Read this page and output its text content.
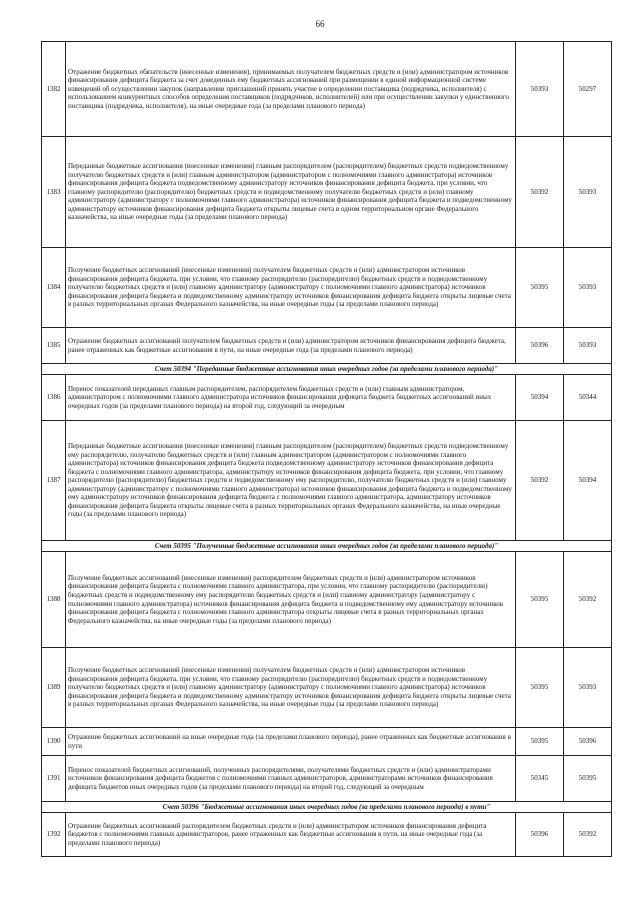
66
1382	Отражение бюджетных обязательств (внесенные изменения), принимаемых получателем бюджетных средств и (или) администратором источников финансирования дефицита бюджета за счет доведенных ему бюджетных ассигнований при размещении в единой информационной системе извещений об осуществлении закупок (направлении приглашений принять участие в определении поставщика (подрядчика, исполнителя) с использованием конкурентных способов определения поставщиков (подрядчиков, исполнителей) или при осуществлении закупки у единственного поставщика (подрядчика, исполнителя), на иные очередные года (за пределами планового периода)	50393	50297
1383	Переданные бюджетные ассигнования (внесенные изменения) главным распорядителем (распорядителем) бюджетных средств подведомственному получателю бюджетных средств и (или) главным администратором (администратором с полномочиями главного администратора) источников финансирования дефицита бюджета подведомственному администратору источников финансирования дефицита бюджета, при условии, что главному распорядителю (распорядителю) бюджетных средств и подведомственному получателю бюджетных средств и (или) главному администратору (администратору с полномочиями главного администратора) источников финансирования дефицита бюджета и подведомственному администратору источников финансирования дефицита бюджета открыты лицевые счета в одном территориальном органе Федерального казначейства, на иные очередные годы (за пределами планового периода)	50392	50393
1384	Получение бюджетных ассигнований (внесенные изменения) получателем бюджетных средств и (или) администратором источников финансирования дефицита бюджета, при условии, что главному распорядителю (распорядителю) бюджетных средств и подведомственному получателю бюджетных средств и (или) главному администратору (администратору с полномочиями главного администратора) источников финансирования дефицита бюджета и подведомственному администратору источников финансирования дефицита бюджета открыты лицевые счета в разных территориальных органах Федерального казначейства, на иные очередные годы (за пределами планового периода)	50395	50393
1385	Отражение бюджетных ассигнований получателем бюджетных средств и (или) администратором источников финансирования дефицита бюджета, ранее отраженных как бюджетные ассигнования в пути, на иные очередные года (за пределами планового периода)	50396	50393
Счет 50394 "Переданные бюджетные ассигнования иных очередных годов (за пределами планового периода)"			
1386	Перенос показателей переданных главным распорядителем, распорядителем бюджетных средств и (или) главным администратором, администратором с полномочиями главного администратора источников финансирования дефицита бюджета бюджетных ассигнований иных очередных годов (за пределами планового периода) на второй год, следующий за очередным	50394	50344
1387	Переданные бюджетные ассигнования (внесенные изменения) главным распорядителем (распорядителем) бюджетных средств подведомственному ему распорядителю, получателю бюджетных средств и (или) главным администратором (администратором с полномочиями главного администратора) источников финансирования дефицита бюджета подведомственному администратору источников финансирования дефицита бюджета с полномочиями главного администратора, администратору источников финансирования дефицита бюджета, при условии, что главному распорядителю (распорядителю) бюджетных средств и подведомственному ему распорядителю, получателю бюджетных средств и (или) главному администратору (администратору с полномочиями главного администратора) источников финансирования дефицита бюджета и подведомственному ему администратору источников финансирования дефицита бюджета с полномочиями главного администратора, администратору источников финансирования дефицита бюджета открыты лицевые счета в разных территориальных органах Федерального казначейства, на иные очередные годы (за пределами планового периода)	50392	50394
Счет 50395 "Полученные бюджетные ассигнования иных очередных годов (за пределами планового периода)"			
1388	Получение бюджетных ассигнований (внесенные изменения) распорядителем бюджетных средств и (или) администратором источников финансирования дефицита бюджета с полномочиями главного администратора, при условии, что главному распорядителю (распорядителю) бюджетных средств и подведомственному ему распорядителю бюджетных средств и (или) главному администратору (администратору с полномочиями главного администратора) источников финансирования дефицита бюджета и подведомственному ему администратору источников финансирования дефицита бюджета с полномочиями главного администратора открыты лицевые счета в разных территориальных органах Федерального казначейства, на иные очередные годы (за пределами планового периода)	50395	50392
1389	Получение бюджетных ассигнований (внесенные изменения) получателем бюджетных средств и (или) администратором источников финансирования дефицита бюджета, при условии, что главному распорядителю (распорядителю) бюджетных средств и подведомственному получателю бюджетных средств и (или) главному администратору (администратору с полномочиями главного администратора) источников финансирования дефицита бюджета и подведомственному администратору источников финансирования дефицита бюджета открыты лицевые счета в разных территориальных органах Федерального казначейства, на иные очередные годы (за пределами планового периода)	50395	50393
1390	Отражение бюджетных ассигнований на иные очередные года (за пределами планового периода), ранее отраженных как бюджетные ассигнования в пути	50395	50396
1391	Перенос показателей бюджетных ассигнований, полученных распорядителями, получателями бюджетных средств и (или) администраторами источников финансирования дефицита бюджетов с полномочиями главных администраторов, администраторами источников финансирования дефицита бюджетов иных очередных годов (за пределами планового периода) на второй год, следующий за очередным	50345	50395
Счет 50396 "Бюджетные ассигнования иных очередных годов (за пределами планового периода) в пути"			
1392	Отражение бюджетных ассигнований распорядителем бюджетных средств и (или) администратором источников финансирования дефицита бюджетов с полномочиями главных администраторов, ранее отраженных как бюджетные ассигнования в пути, на иные очередные года (за пределами планового периода)	50396	50392
